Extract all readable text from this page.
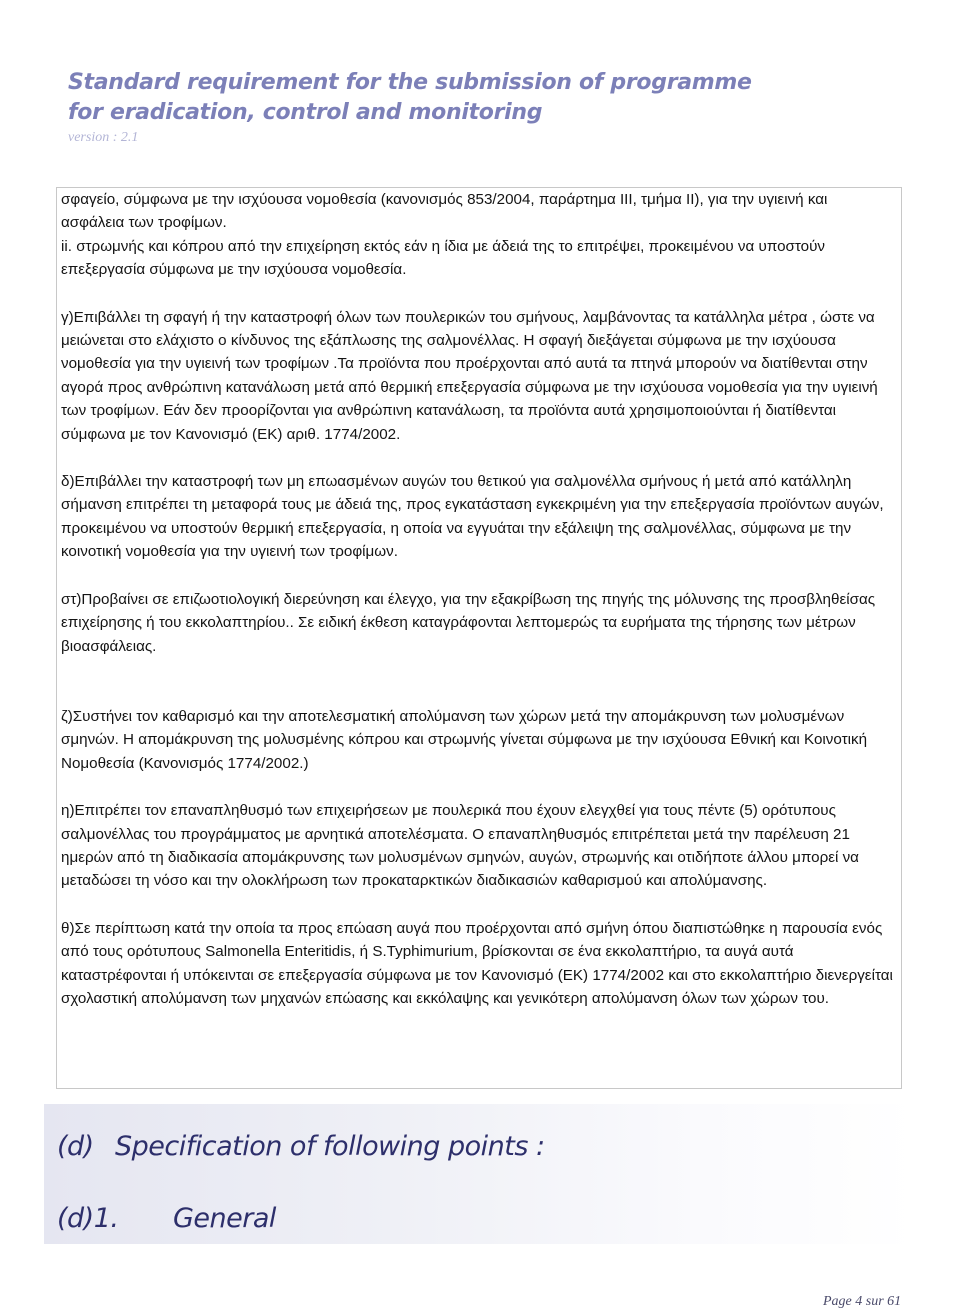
Standard requirement for the submission of programme

for eradication, control and monitoring

version : 2.1

σφαγείο, σύμφωνα με την ισχύουσα νομοθεσία (κανονισμός 853/2004, παράρτημα ΙΙΙ, τμήμα ΙΙ), για την υγιεινή και ασφάλεια των τροφίμων.

ii. στρωμνής και κόπρου από την επιχείρηση εκτός εάν η ίδια με άδειά της το επιτρέψει, προκειμένου να υποστούν επεξεργασία σύμφωνα με την ισχύουσα νομοθεσία.

γ)Επιβάλλει τη σφαγή ή την καταστροφή όλων των πουλερικών του σμήνους, λαμβάνοντας τα κατάλληλα μέτρα , ώστε να μειώνεται στο ελάχιστο ο κίνδυνος της εξάπλωσης της σαλμονέλλας. Η σφαγή διεξάγεται σύμφωνα με την ισχύουσα νομοθεσία για την υγιεινή των τροφίμων .Τα προϊόντα που προέρχονται από αυτά τα πτηνά μπορούν να διατίθενται στην αγορά προς ανθρώπινη κατανάλωση μετά από θερμική επεξεργασία σύμφωνα με την ισχύουσα νομοθεσία για την υγιεινή των τροφίμων. Εάν δεν προορίζονται για ανθρώπινη κατανάλωση, τα προϊόντα αυτά χρησιμοποιούνται ή διατίθενται σύμφωνα με τον Κανονισμό (ΕΚ) αριθ. 1774/2002.

δ)Επιβάλλει την καταστροφή των μη επωασμένων αυγών του θετικού για σαλμονέλλα σμήνους ή μετά από κατάλληλη σήμανση επιτρέπει τη μεταφορά τους με άδειά της, προς εγκατάσταση εγκεκριμένη για την επεξεργασία προϊόντων αυγών, προκειμένου να υποστούν θερμική επεξεργασία, η οποία να εγγυάται την εξάλειψη της σαλμονέλλας, σύμφωνα με την κοινοτική νομοθεσία για την υγιεινή των τροφίμων.

στ)Προβαίνει σε επιζωοτιολογική διερεύνηση και έλεγχο, για την εξακρίβωση της πηγής της μόλυνσης της προσβληθείσας επιχείρησης ή του εκκολαπτηρίου.. Σε ειδική έκθεση καταγράφονται λεπτομερώς τα ευρήματα της τήρησης των μέτρων βιοασφάλειας.

ζ)Συστήνει τον καθαρισμό και την αποτελεσματική απολύμανση των χώρων μετά την απομάκρυνση των μολυσμένων σμηνών. Η απομάκρυνση της μολυσμένης κόπρου και στρωμνής γίνεται σύμφωνα με την ισχύουσα Εθνική και Κοινοτική Νομοθεσία (Κανονισμός 1774/2002.)

η)Επιτρέπει τον επαναπληθυσμό των επιχειρήσεων με πουλερικά που έχουν ελεγχθεί για τους πέντε (5) ορότυπους σαλμονέλλας του προγράμματος με αρνητικά αποτελέσματα. Ο επαναπληθυσμός επιτρέπεται μετά την παρέλευση 21 ημερών από τη διαδικασία απομάκρυνσης των μολυσμένων σμηνών, αυγών, στρωμνής και οτιδήποτε άλλου μπορεί να μεταδώσει τη νόσο και την ολοκλήρωση των προκαταρκτικών διαδικασιών καθαρισμού και απολύμανσης.

θ)Σε περίπτωση κατά την οποία τα προς επώαση αυγά που προέρχονται από σμήνη όπου διαπιστώθηκε η παρουσία ενός από τους ορότυπους Salmonella Enteritidis, ή S.Typhimurium, βρίσκονται σε ένα εκκολαπτήριο, τα αυγά αυτά καταστρέφονται ή υπόκεινται σε επεξεργασία σύμφωνα με τον Κανονισμό (ΕΚ) 1774/2002 και στο εκκολαπτήριο διενεργείται σχολαστική απολύμανση των μηχανών επώασης και εκκόλαψης και γενικότερη απολύμανση όλων των χώρων του.

(d) Specification of following points :
(d)1. General
Page 4 sur 61
